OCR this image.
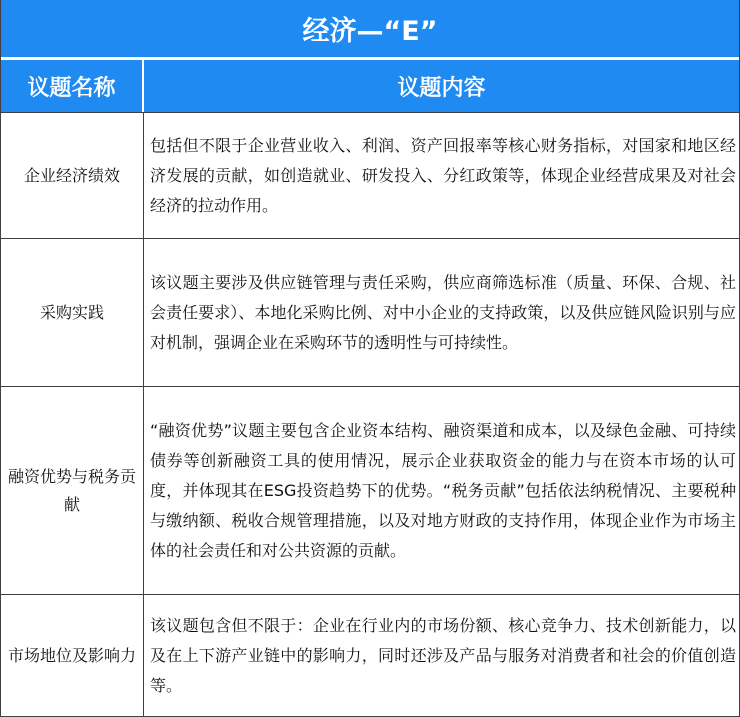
经济—“E”
议题名称	议题内容
企业经济绩效
包括但不限于企业营业收入、利润、资产回报率等核心财务指标，对国家和地区经济发展的贡献，如创造就业、研发投入、分红政策等，体现企业经营成果及对社会经济的拉动作用。
采购实践
该议题主要涉及供应链管理与责任采购，供应商筛选标准（质量、环保、合规、社会责任要求）、本地化采购比例、对中小企业的支持政策，以及供应链风险识别与应对机制，强调企业在采购环节的透明性与可持续性。
融资优势与税务贡献
“融资优势”议题主要包含企业资本结构、融资渠道和成本，以及绿色金融、可持续债券等创新融资工具的使用情况，展示企业获取资金的能力与在资本市场的认可度，并体现其在ESG投资趋势下的优势。“税务贡献”包括依法纳税情况、主要税种与缴纳额、税收合规管理措施，以及对地方财政的支持作用，体现企业作为市场主体的社会责任和对公共资源的贡献。
市场地位及影响力
该议题包含但不限于：企业在行业内的市场份额、核心竞争力、技术创新能力，以及在上下游产业链中的影响力，同时还涉及产品与服务对消费者和社会的价值创造等。
